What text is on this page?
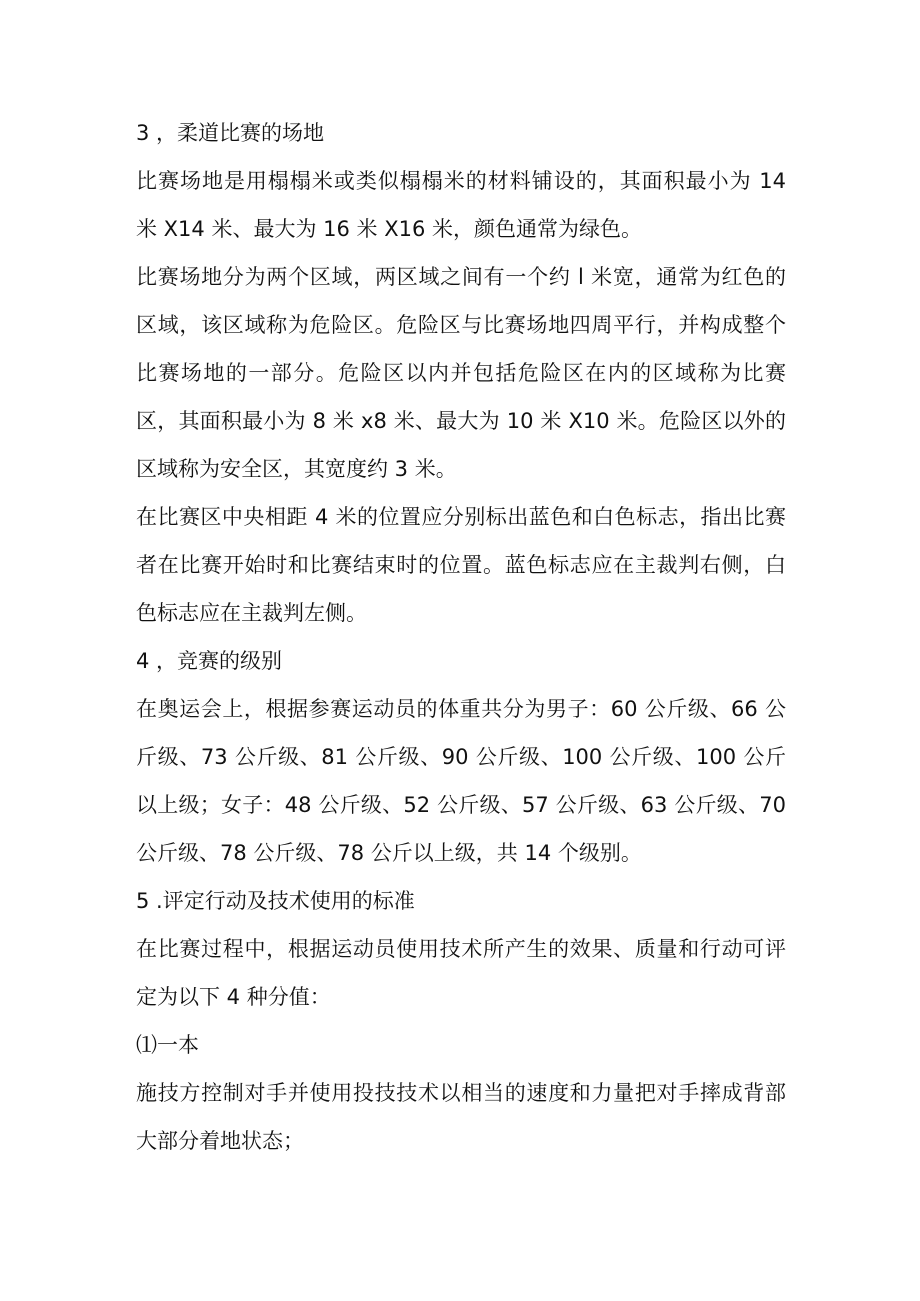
3 ，柔道比赛的场地
比赛场地是用榻榻米或类似榻榻米的材料铺设的，其面积最小为 14
米 X14 米、最大为 16 米 X16 米，颜色通常为绿色。
比赛场地分为两个区域，两区域之间有一个约 l 米宽，通常为红色的
区域，该区域称为危险区。危险区与比赛场地四周平行，并构成整个
比赛场地的一部分。危险区以内并包括危险区在内的区域称为比赛
区，其面积最小为 8 米 x8 米、最大为 10 米 X10 米。危险区以外的
区域称为安全区，其宽度约 3 米。
在比赛区中央相距 4 米的位置应分别标出蓝色和白色标志，指出比赛
者在比赛开始时和比赛结束时的位置。蓝色标志应在主裁判右侧，白
色标志应在主裁判左侧。
4 ，竞赛的级别
在奥运会上，根据参赛运动员的体重共分为男子：60 公斤级、66 公
斤级、73 公斤级、81 公斤级、90 公斤级、100 公斤级、100 公斤
以上级；女子：48 公斤级、52 公斤级、57 公斤级、63 公斤级、70
公斤级、78 公斤级、78 公斤以上级，共 14 个级别。
5 .评定行动及技术使用的标准
在比赛过程中，根据运动员使用技术所产生的效果、质量和行动可评
定为以下 4 种分值：
⑴一本
施技方控制对手并使用投技技术以相当的速度和力量把对手摔成背部
大部分着地状态；
